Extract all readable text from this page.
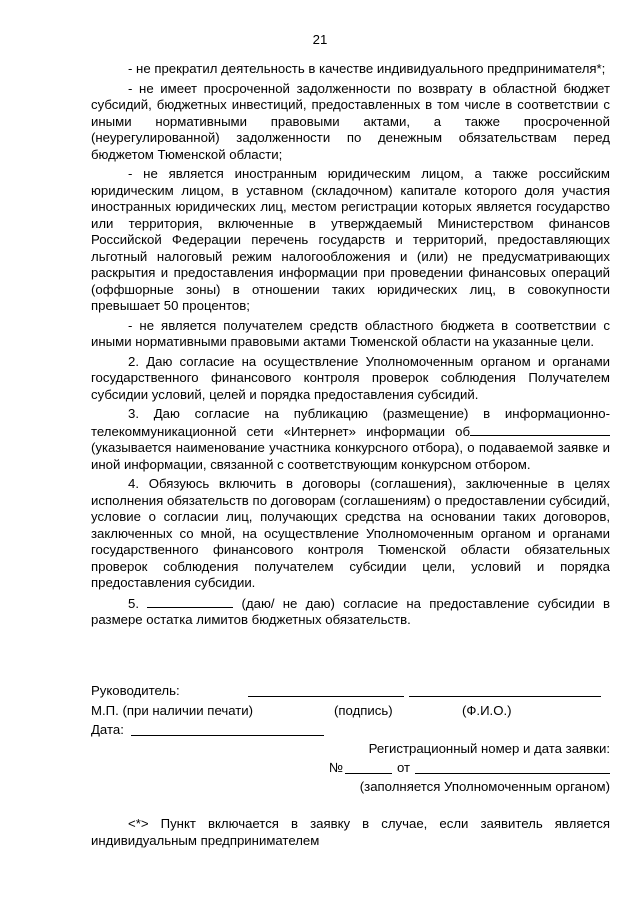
21

- не прекратил деятельность в качестве индивидуального предпринимателя*;

- не имеет просроченной задолженности по возврату в областной бюджет субсидий, бюджетных инвестиций, предоставленных в том числе в соответствии с иными нормативными правовыми актами, а также просроченной (неурегулированной) задолженности по денежным обязательствам перед бюджетом Тюменской области;

- не является иностранным юридическим лицом, а также российским юридическим лицом, в уставном (складочном) капитале которого доля участия иностранных юридических лиц, местом регистрации которых является государство или территория, включенные в утверждаемый Министерством финансов Российской Федерации перечень государств и территорий, предоставляющих льготный налоговый режим налогообложения и (или) не предусматривающих раскрытия и предоставления информации при проведении финансовых операций (оффшорные зоны) в отношении таких юридических лиц, в совокупности превышает 50 процентов;

- не является получателем средств областного бюджета в соответствии с иными нормативными правовыми актами Тюменской области на указанные цели.

2. Даю согласие на осуществление Уполномоченным органом и органами государственного финансового контроля проверок соблюдения Получателем субсидии условий, целей и порядка предоставления субсидий.

3. Даю согласие на публикацию (размещение) в информационно-телекоммуникационной сети «Интернет» информации об (указывается наименование участника конкурсного отбора), о подаваемой заявке и иной информации, связанной с соответствующим конкурсном отбором.

4. Обязуюсь включить в договоры (соглашения), заключенные в целях исполнения обязательств по договорам (соглашениям) о предоставлении субсидий, условие о согласии лиц, получающих средства на основании таких договоров, заключенных со мной, на осуществление Уполномоченным органом и органами государственного финансового контроля Тюменской области обязательных проверок соблюдения получателем субсидии цели, условий и порядка предоставления субсидии.

5.	(даю/ не даю) согласие на предоставление субсидии в размере остатка лимитов бюджетных обязательств.

Руководитель:
М.П. (при наличии печати)	(подпись)	(Ф.И.О.)
Дата:
Регистрационный номер и дата заявки:
№	от
(заполняется Уполномоченным органом)
<*> Пункт включается в заявку в случае, если заявитель является индивидуальным предпринимателем
